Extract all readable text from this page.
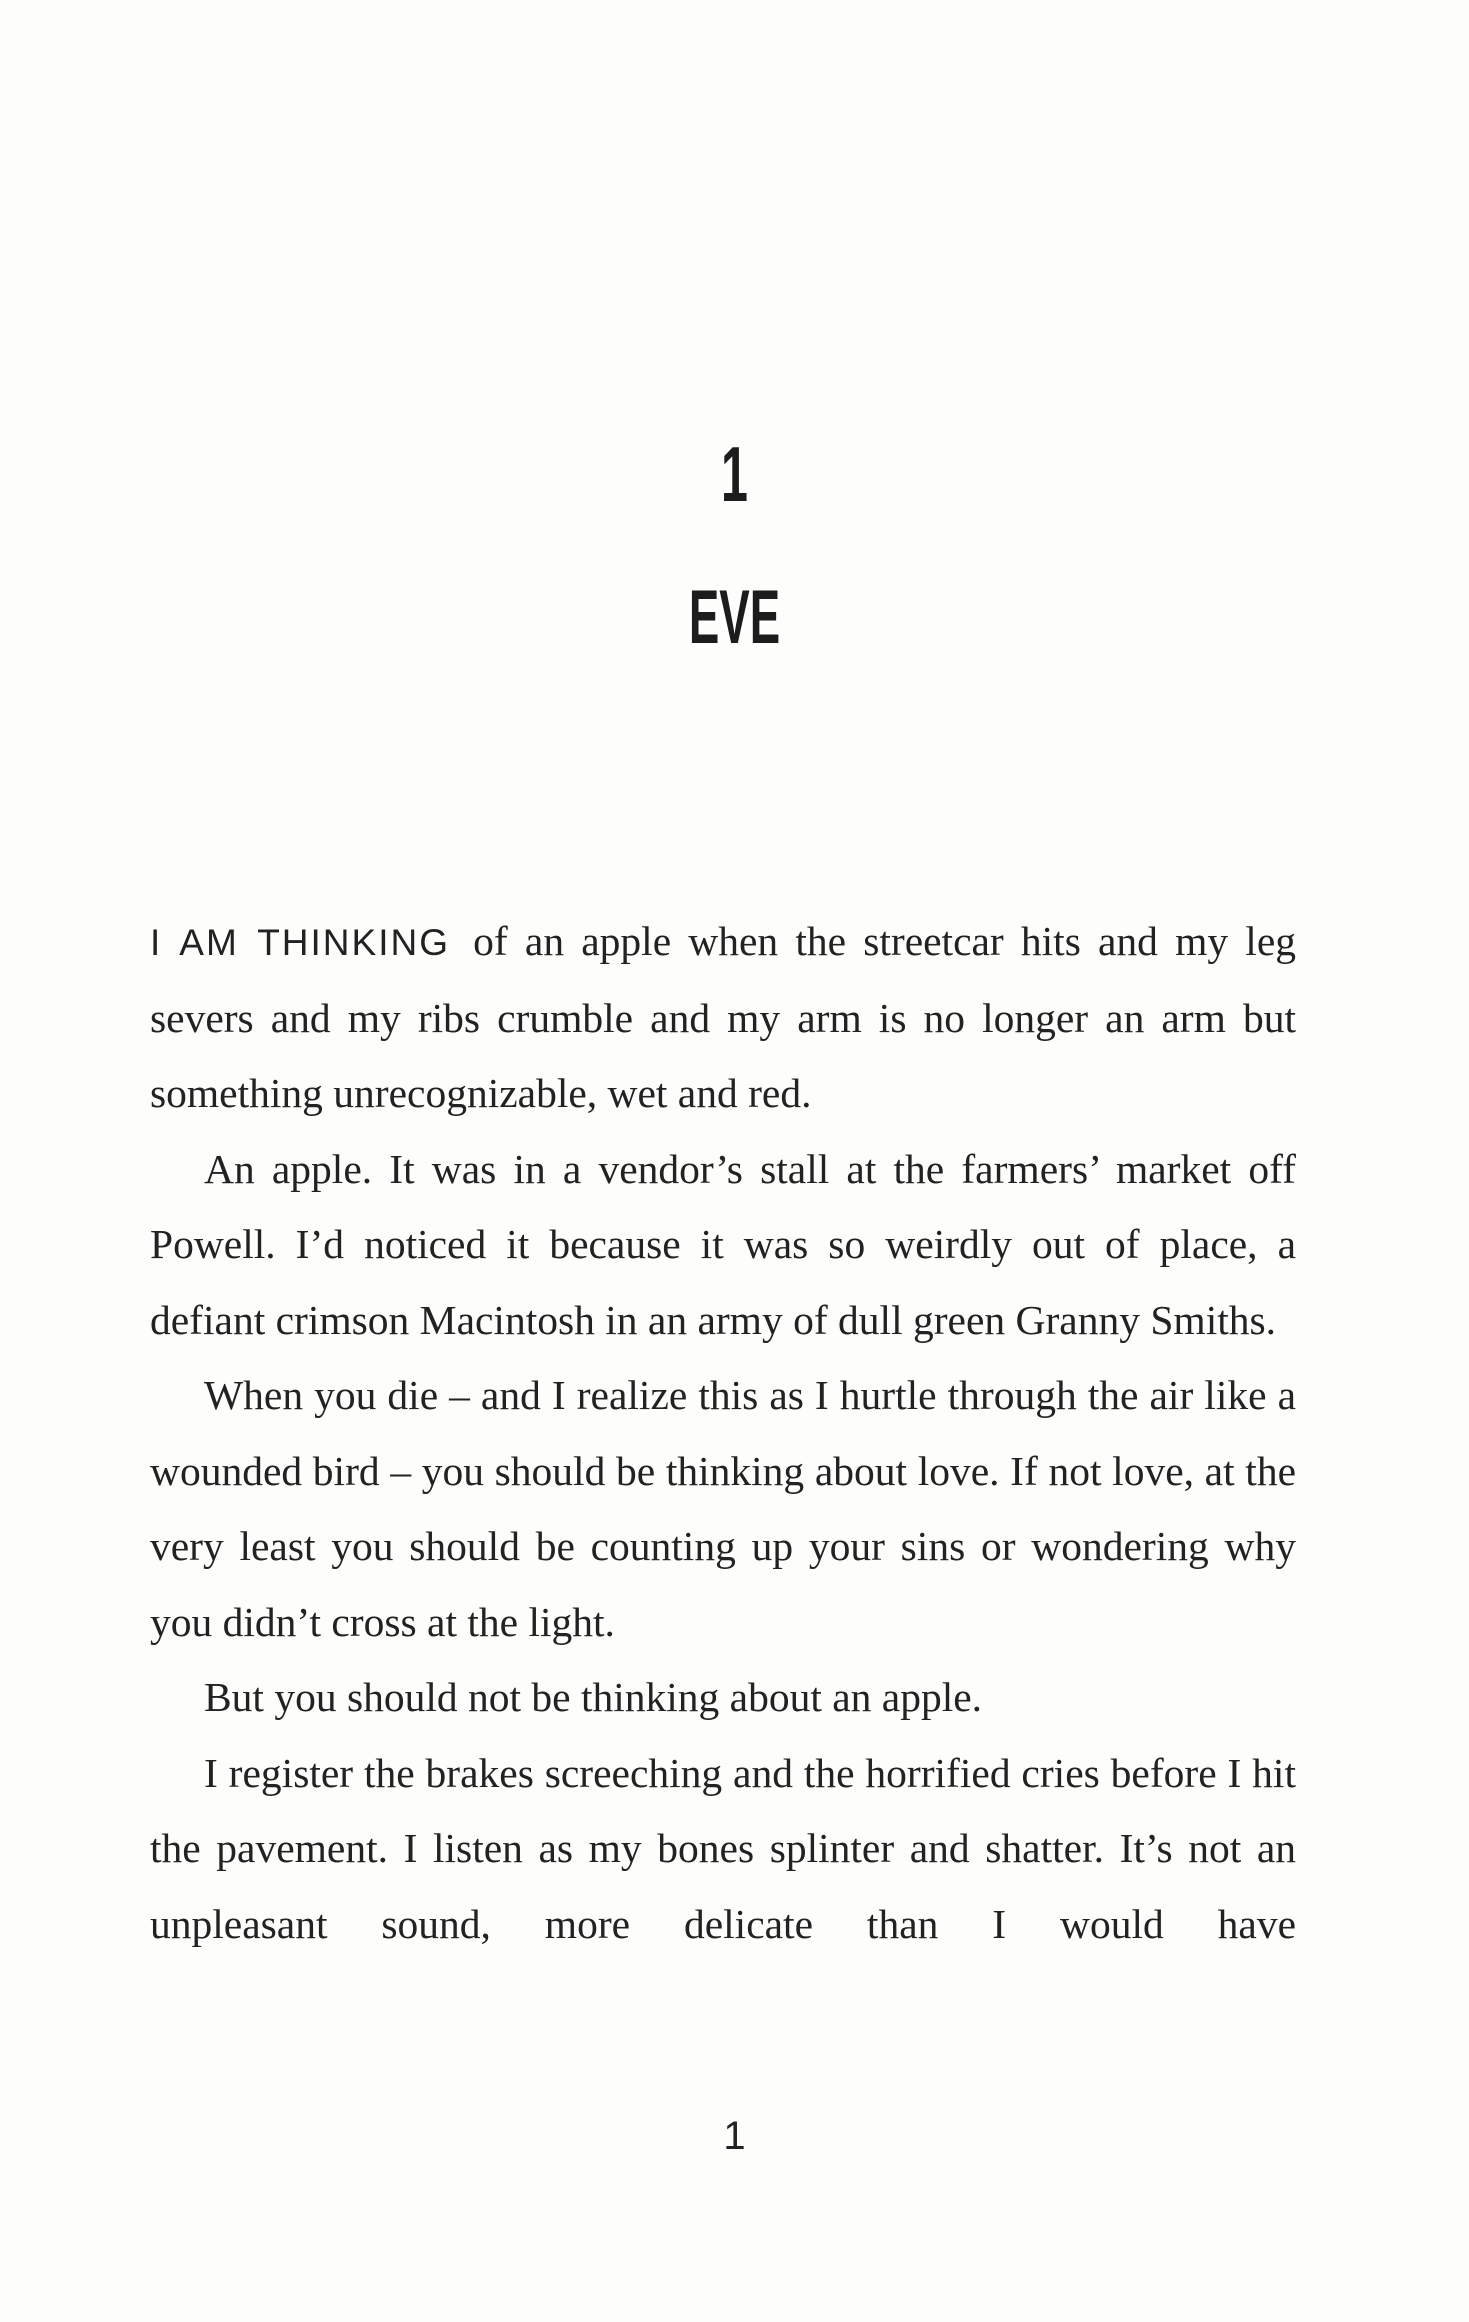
1
EVE

I AM THINKING of an apple when the streetcar hits and my leg severs and my ribs crumble and my arm is no longer an arm but something unrecognizable, wet and red.

An apple. It was in a vendor’s stall at the farmers’ market off Powell. I’d noticed it because it was so weirdly out of place, a defiant crimson Macintosh in an army of dull green Granny Smiths.

When you die – and I realize this as I hurtle through the air like a wounded bird – you should be thinking about love. If not love, at the very least you should be counting up your sins or wondering why you didn’t cross at the light.

But you should not be thinking about an apple.

I register the brakes screeching and the horrified cries before I hit the pavement. I listen as my bones splinter and shatter. It’s not an unpleasant sound, more delicate than I would have

1
